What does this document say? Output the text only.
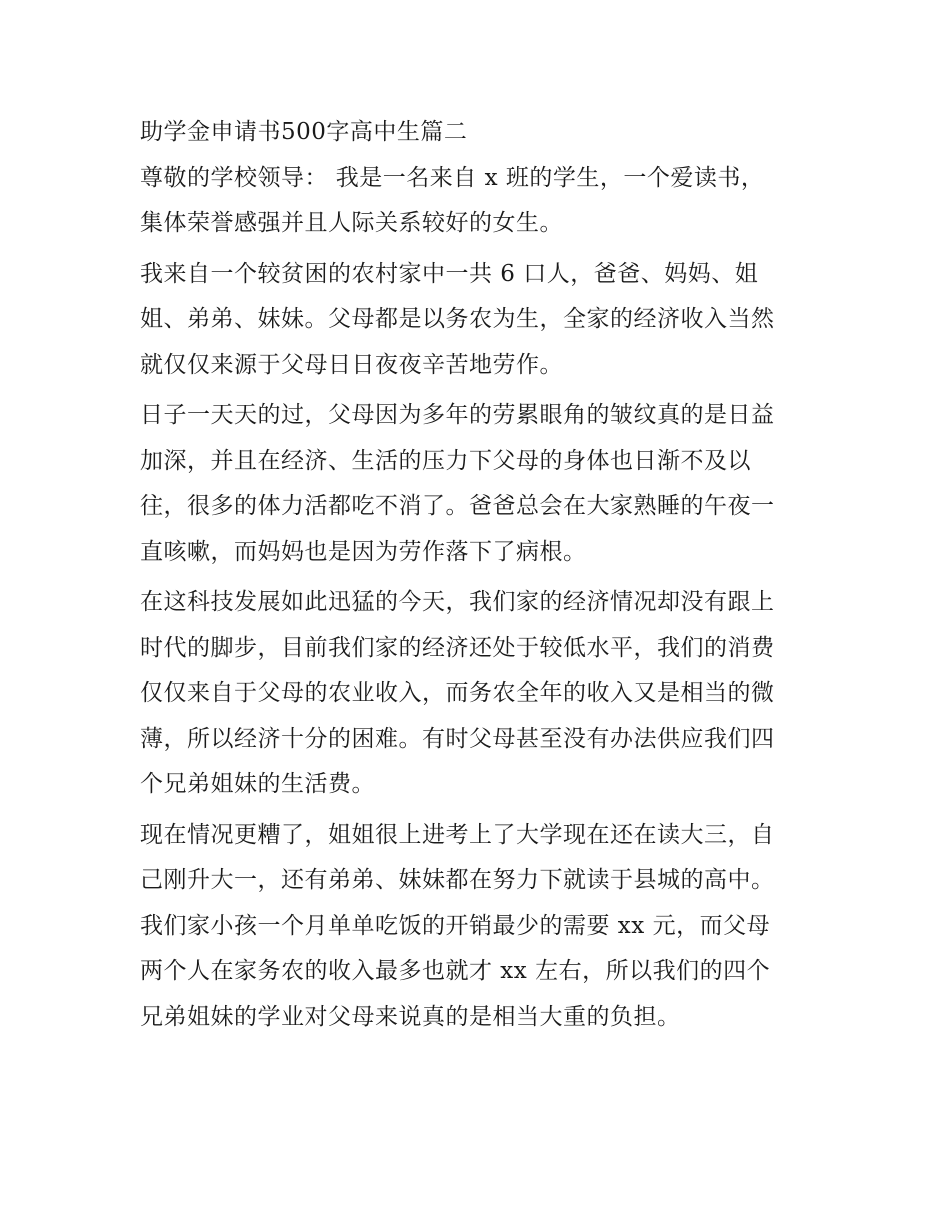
助学金申请书500字高中生篇二
尊敬的学校领导： 我是一名来自 x 班的学生，一个爱读书，
集体荣誉感强并且人际关系较好的女生。
我来自一个较贫困的农村家中一共 6 口人，爸爸、妈妈、姐
姐、弟弟、妹妹。父母都是以务农为生，全家的经济收入当然
就仅仅来源于父母日日夜夜辛苦地劳作。
日子一天天的过，父母因为多年的劳累眼角的皱纹真的是日益
加深，并且在经济、生活的压力下父母的身体也日渐不及以
往，很多的体力活都吃不消了。爸爸总会在大家熟睡的午夜一
直咳嗽，而妈妈也是因为劳作落下了病根。
在这科技发展如此迅猛的今天，我们家的经济情况却没有跟上
时代的脚步，目前我们家的经济还处于较低水平，我们的消费
仅仅来自于父母的农业收入，而务农全年的收入又是相当的微
薄，所以经济十分的困难。有时父母甚至没有办法供应我们四
个兄弟姐妹的生活费。
现在情况更糟了，姐姐很上进考上了大学现在还在读大三，自
己刚升大一，还有弟弟、妹妹都在努力下就读于县城的高中。
我们家小孩一个月单单吃饭的开销最少的需要 xx 元，而父母
两个人在家务农的收入最多也就才 xx 左右，所以我们的四个
兄弟姐妹的学业对父母来说真的是相当大重的负担。
